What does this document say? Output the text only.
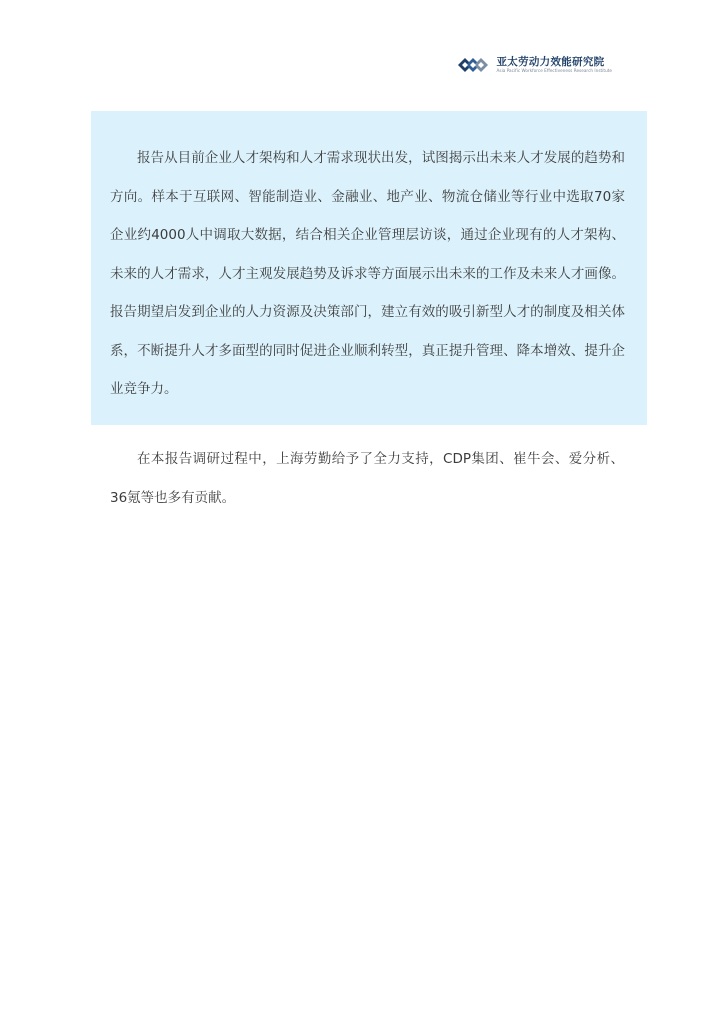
亚太劳动力效能研究院
Asia Pacific Workforce Effectiveness Research Institute

报告从目前企业人才架构和人才需求现状出发，试图揭示出未来人才发展的趋势和方向。样本于互联网、智能制造业、金融业、地产业、物流仓储业等行业中选取70家企业约4000人中调取大数据，结合相关企业管理层访谈，通过企业现有的人才架构、未来的人才需求，人才主观发展趋势及诉求等方面展示出未来的工作及未来人才画像。报告期望启发到企业的人力资源及决策部门，建立有效的吸引新型人才的制度及相关体系，不断提升人才多面型的同时促进企业顺利转型，真正提升管理、降本增效、提升企业竞争力。

在本报告调研过程中，上海劳勤给予了全力支持，CDP集团、崔牛会、爱分析、36氪等也多有贡献。
